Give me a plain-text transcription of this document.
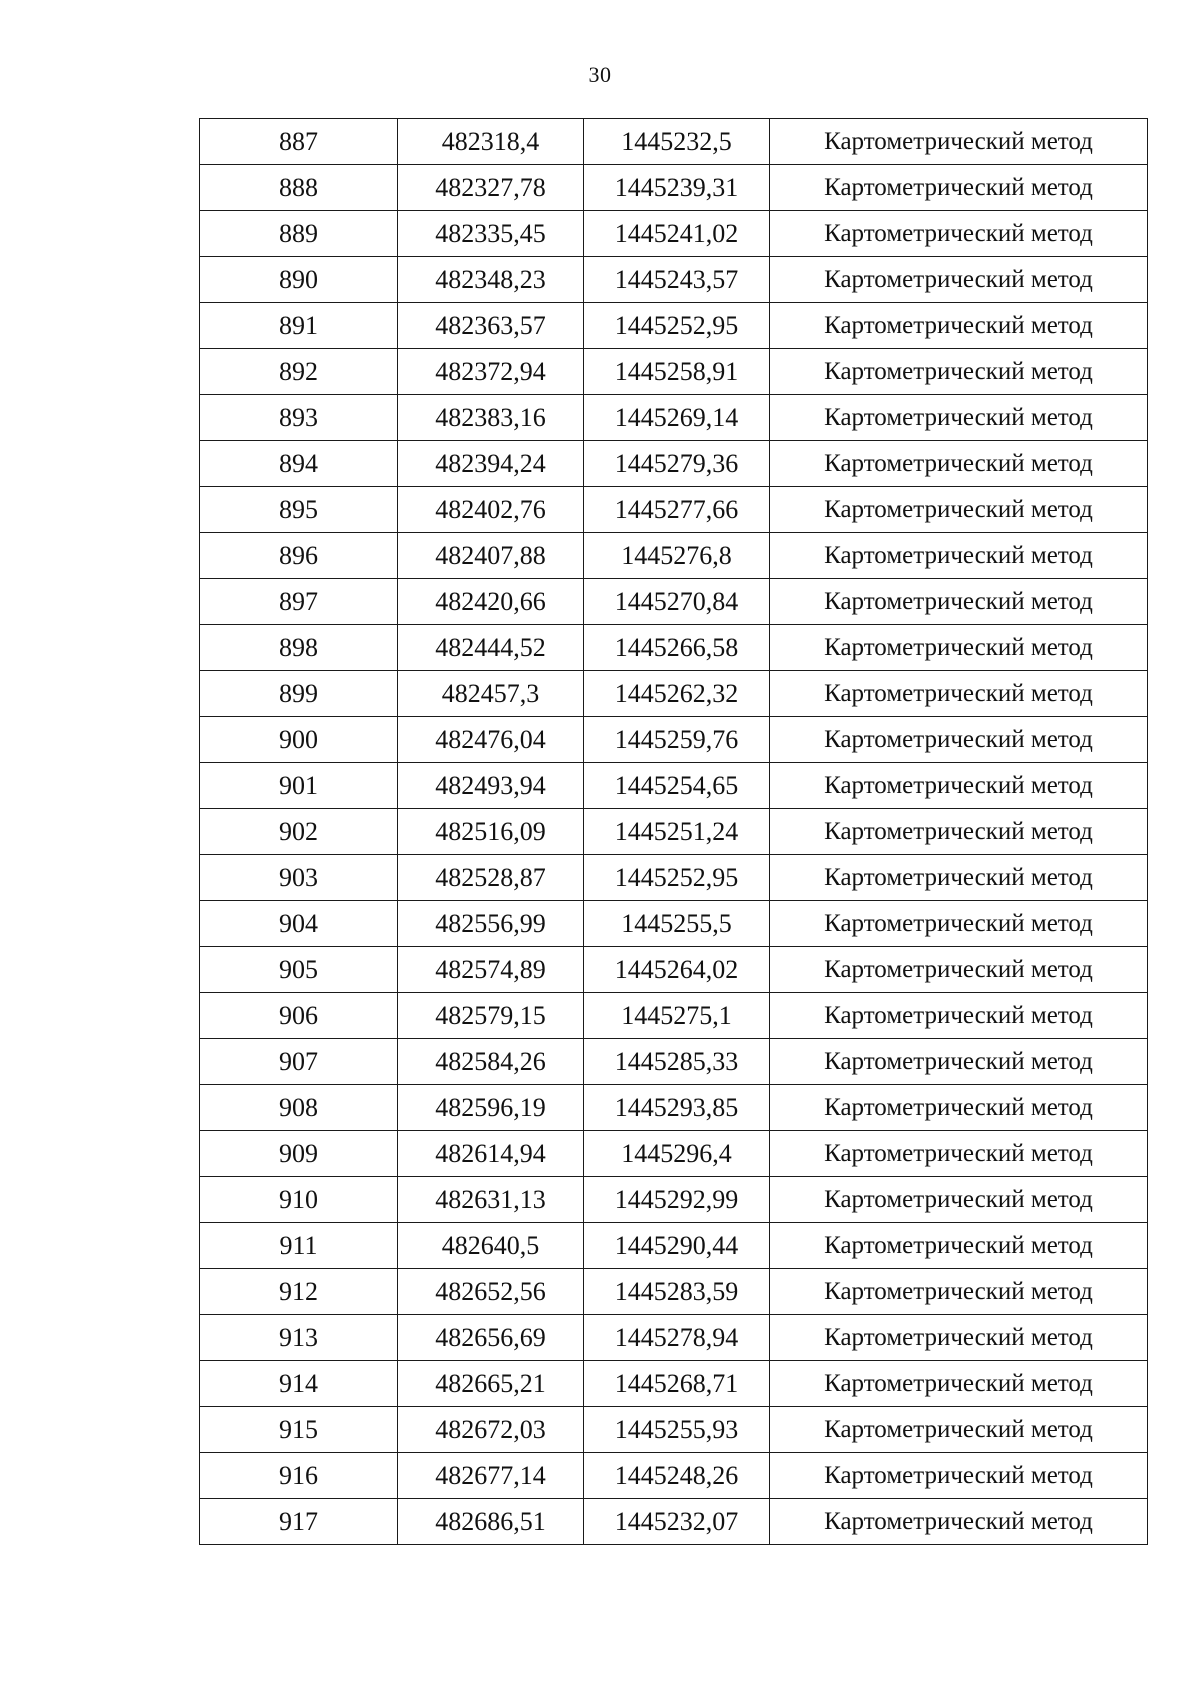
30
887	482318,4	1445232,5	Картометрический метод
888	482327,78	1445239,31	Картометрический метод
889	482335,45	1445241,02	Картометрический метод
890	482348,23	1445243,57	Картометрический метод
891	482363,57	1445252,95	Картометрический метод
892	482372,94	1445258,91	Картометрический метод
893	482383,16	1445269,14	Картометрический метод
894	482394,24	1445279,36	Картометрический метод
895	482402,76	1445277,66	Картометрический метод
896	482407,88	1445276,8	Картометрический метод
897	482420,66	1445270,84	Картометрический метод
898	482444,52	1445266,58	Картометрический метод
899	482457,3	1445262,32	Картометрический метод
900	482476,04	1445259,76	Картометрический метод
901	482493,94	1445254,65	Картометрический метод
902	482516,09	1445251,24	Картометрический метод
903	482528,87	1445252,95	Картометрический метод
904	482556,99	1445255,5	Картометрический метод
905	482574,89	1445264,02	Картометрический метод
906	482579,15	1445275,1	Картометрический метод
907	482584,26	1445285,33	Картометрический метод
908	482596,19	1445293,85	Картометрический метод
909	482614,94	1445296,4	Картометрический метод
910	482631,13	1445292,99	Картометрический метод
911	482640,5	1445290,44	Картометрический метод
912	482652,56	1445283,59	Картометрический метод
913	482656,69	1445278,94	Картометрический метод
914	482665,21	1445268,71	Картометрический метод
915	482672,03	1445255,93	Картометрический метод
916	482677,14	1445248,26	Картометрический метод
917	482686,51	1445232,07	Картометрический метод
